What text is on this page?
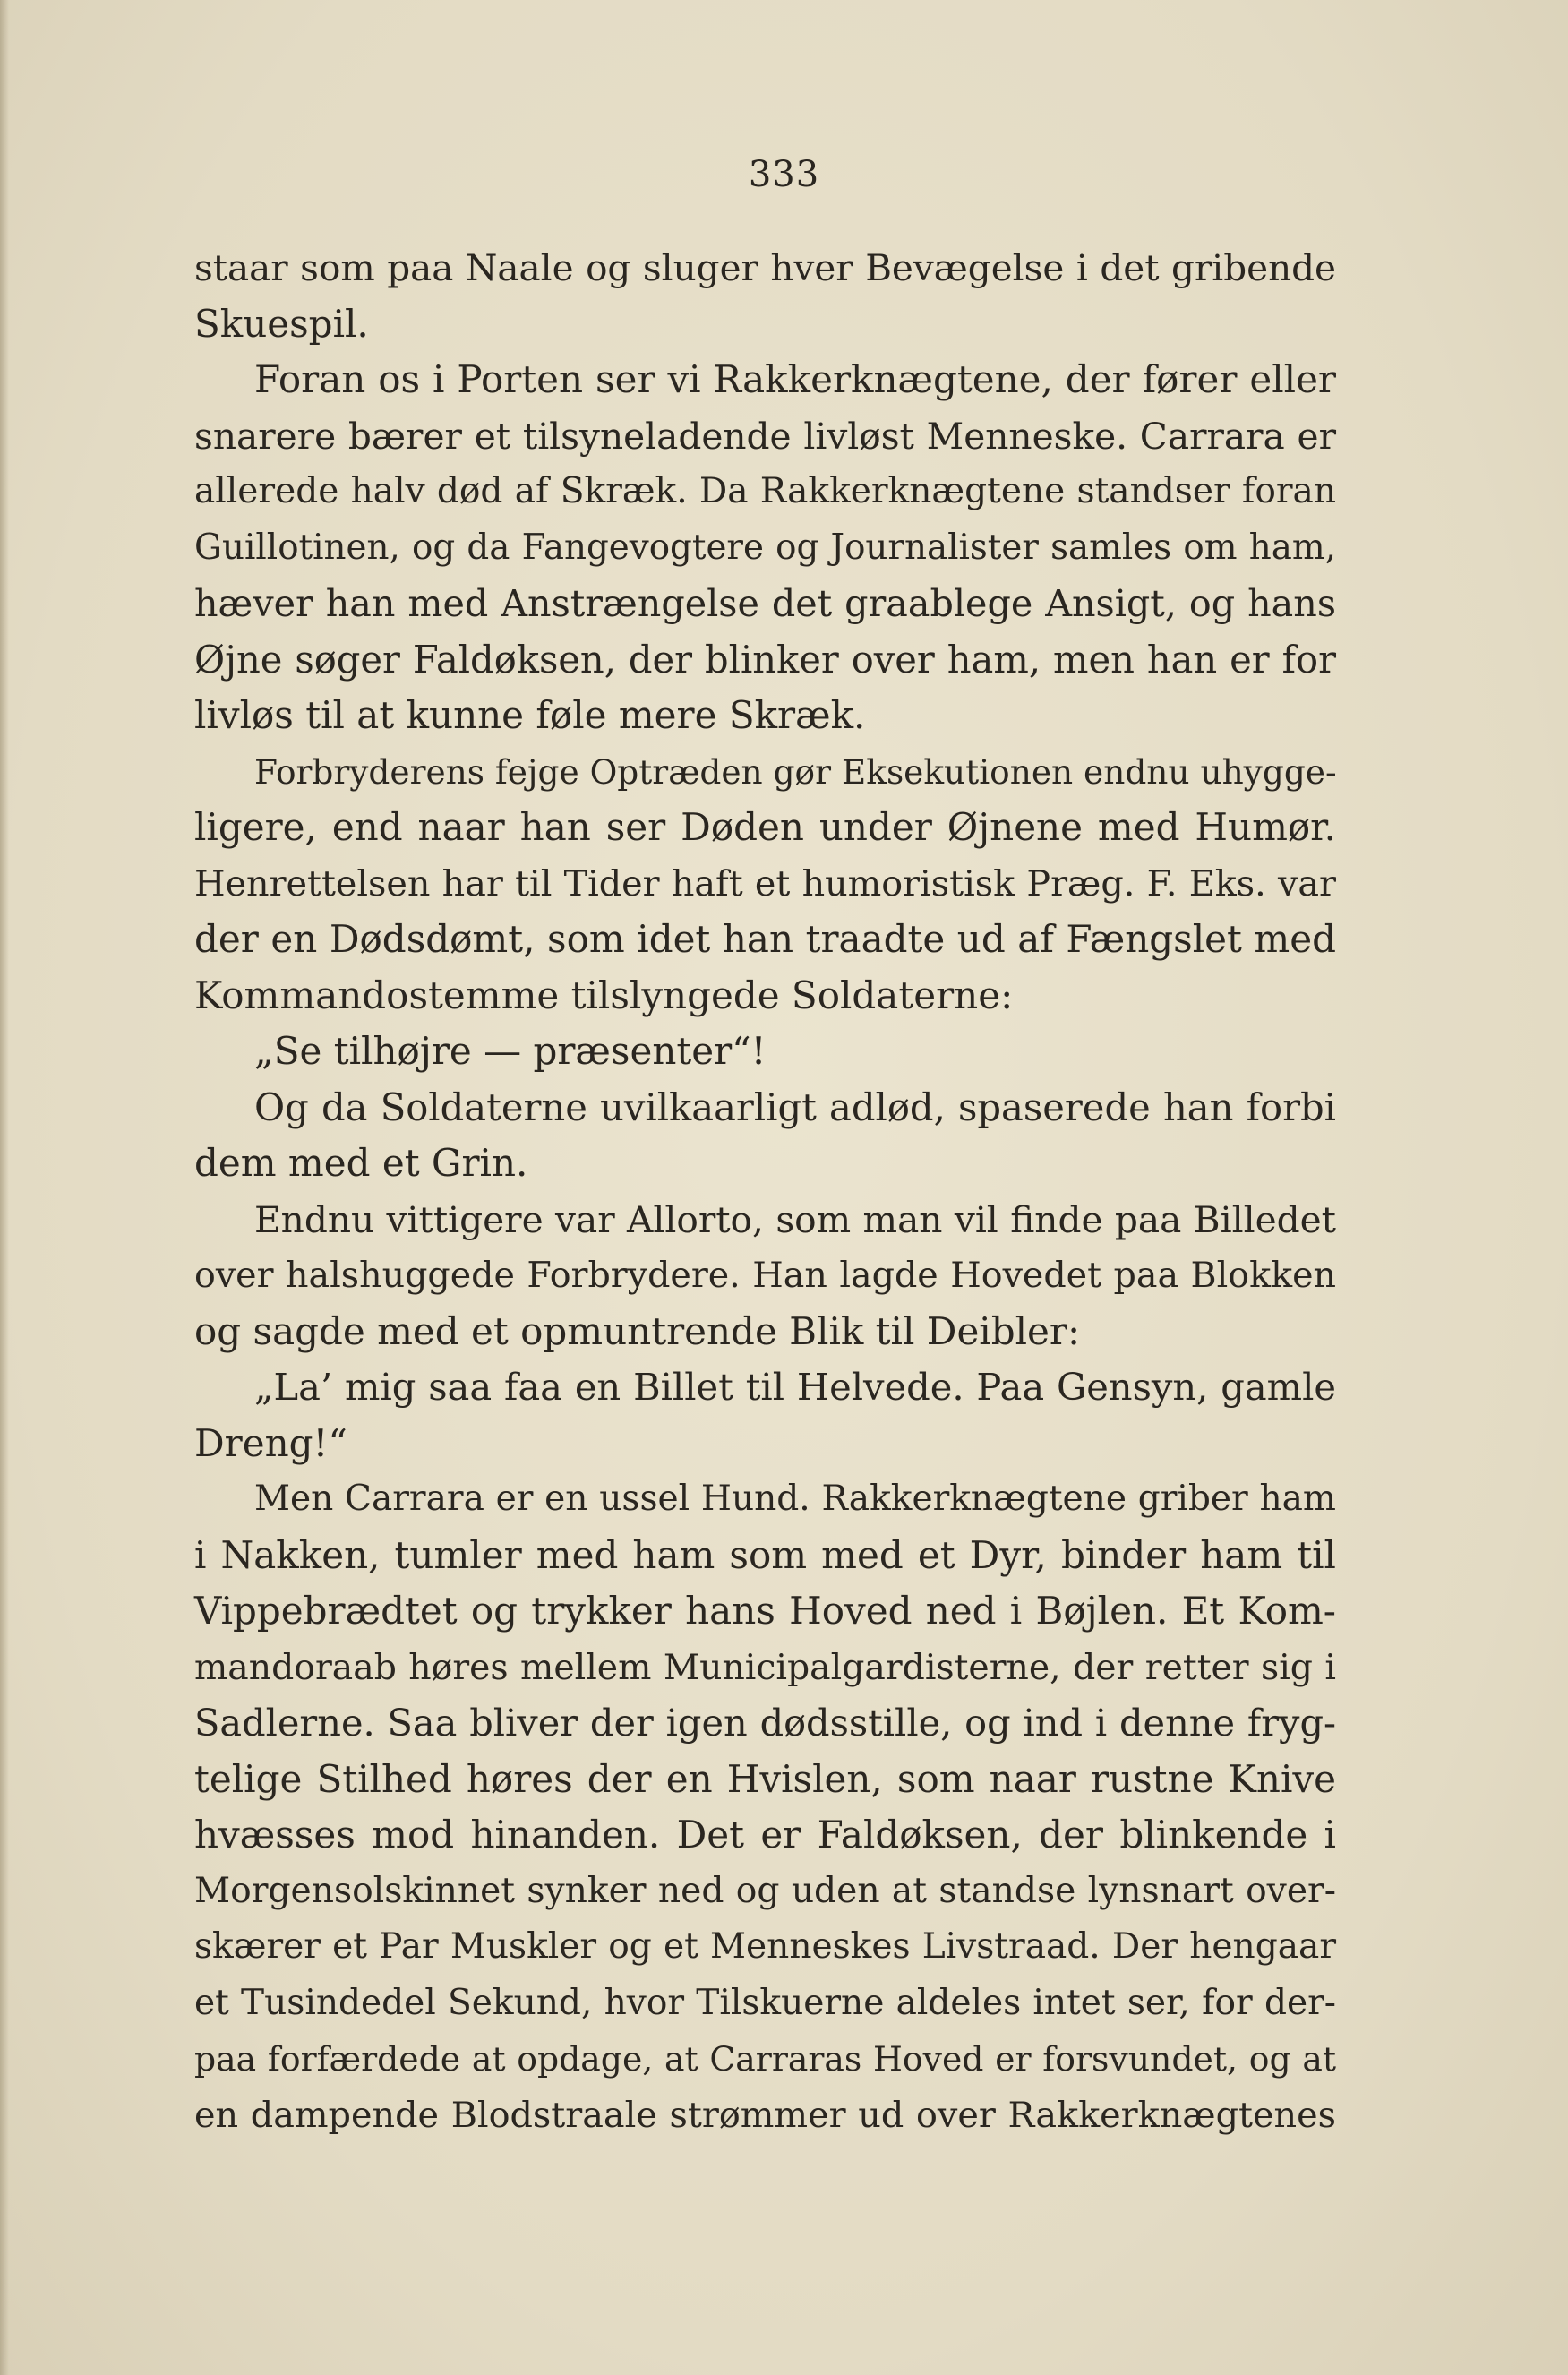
333
staar som paa Naale og sluger hver Bevægelse i det gribende
Skuespil.
Foran os i Porten ser vi Rakkerknægtene, der fører eller
snarere bærer et tilsyneladende livløst Menneske. Carrara er
allerede halv død af Skræk. Da Rakkerknægtene standser foran
Guillotinen, og da Fangevogtere og Journalister samles om ham,
hæver han med Anstrængelse det graablege Ansigt, og hans
Øjne søger Faldøksen, der blinker over ham, men han er for
livløs til at kunne føle mere Skræk.
Forbryderens fejge Optræden gør Eksekutionen endnu uhygge-
ligere, end naar han ser Døden under Øjnene med Humør.
Henrettelsen har til Tider haft et humoristisk Præg. F. Eks. var
der en Dødsdømt, som idet han traadte ud af Fængslet med
Kommandostemme tilslyngede Soldaterne:
„Se tilhøjre — præsenter“!
Og da Soldaterne uvilkaarligt adlød, spaserede han forbi
dem med et Grin.
Endnu vittigere var Allorto, som man vil finde paa Billedet
over halshuggede Forbrydere. Han lagde Hovedet paa Blokken
og sagde med et opmuntrende Blik til Deibler:
„La’ mig saa faa en Billet til Helvede. Paa Gensyn, gamle
Dreng!“
Men Carrara er en ussel Hund. Rakkerknægtene griber ham
i Nakken, tumler med ham som med et Dyr, binder ham til
Vippebrædtet og trykker hans Hoved ned i Bøjlen. Et Kom-
mandoraab høres mellem Municipalgardisterne, der retter sig i
Sadlerne. Saa bliver der igen dødsstille, og ind i denne fryg-
telige Stilhed høres der en Hvislen, som naar rustne Knive
hvæsses mod hinanden. Det er Faldøksen, der blinkende i
Morgensolskinnet synker ned og uden at standse lynsnart over-
skærer et Par Muskler og et Menneskes Livstraad. Der hengaar
et Tusindedel Sekund, hvor Tilskuerne aldeles intet ser, for der-
paa forfærdede at opdage, at Carraras Hoved er forsvundet, og at
en dampende Blodstraale strømmer ud over Rakkerknægtenes
